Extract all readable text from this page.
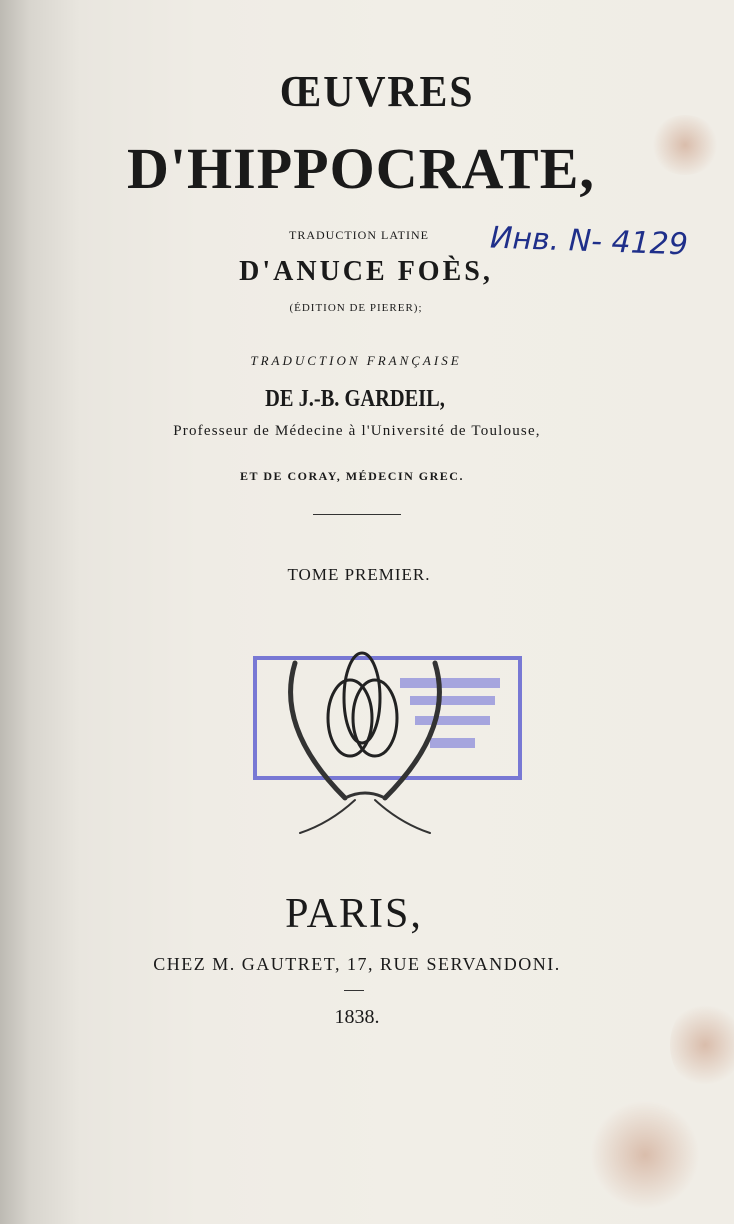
ŒUVRES
D'HIPPOCRATE,
TRADUCTION LATINE	Инв. N- 4129
D'ANUCE FOÈS,
(ÉDITION DE PIERER);
TRADUCTION FRANÇAISE
DE J.-B. GARDEIL,
Professeur de Médecine à l'Université de Toulouse,
ET DE CORAY, MÉDECIN GREC.
TOME PREMIER.
PARIS,
CHEZ M. GAUTRET, 17, RUE SERVANDONI.
1838.
